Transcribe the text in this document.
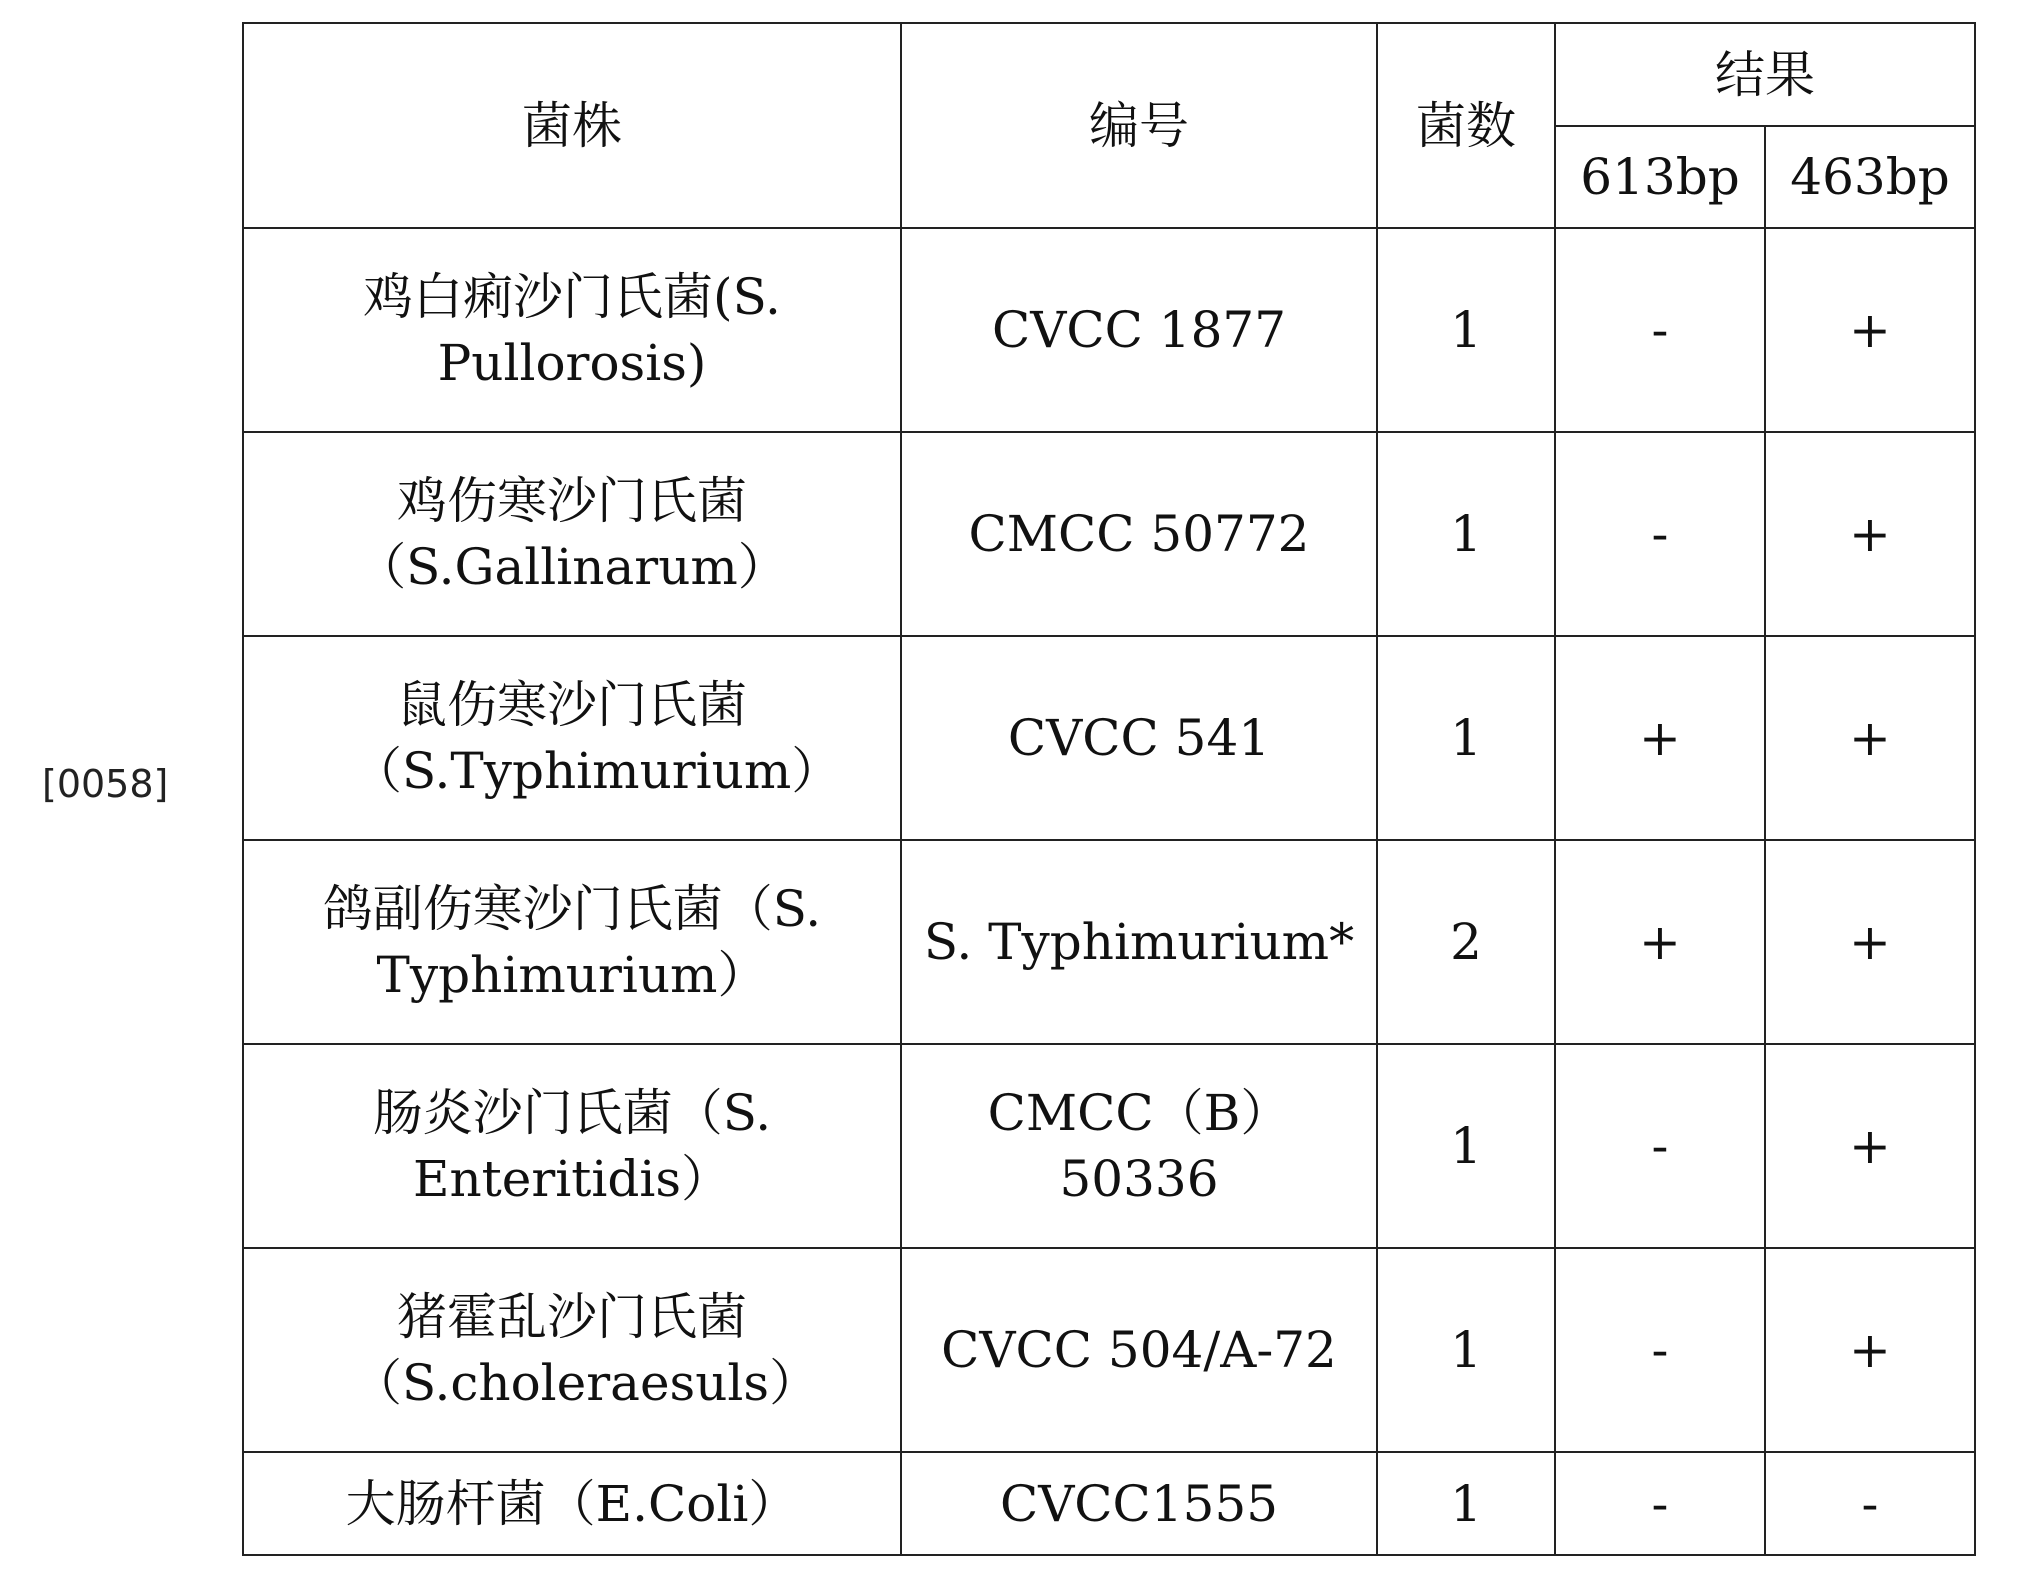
[0058]
菌株	编号	菌数	结果	
			613bp	463bp
鸡白痢沙门氏菌(S. Pullorosis)	CVCC 1877	1	-	+
鸡伤寒沙门氏菌（S.Gallinarum）	CMCC 50772	1	-	+
鼠伤寒沙门氏菌（S.Typhimurium）	CVCC 541	1	+	+
鸽副伤寒沙门氏菌（S. Typhimurium）	S. Typhimurium*	2	+	+
肠炎沙门氏菌（S. Enteritidis）	CMCC（B）50336	1	-	+
猪霍乱沙门氏菌（S.choleraesuls）	CVCC 504/A-72	1	-	+
大肠杆菌（E.Coli）	CVCC1555	1	-	-
